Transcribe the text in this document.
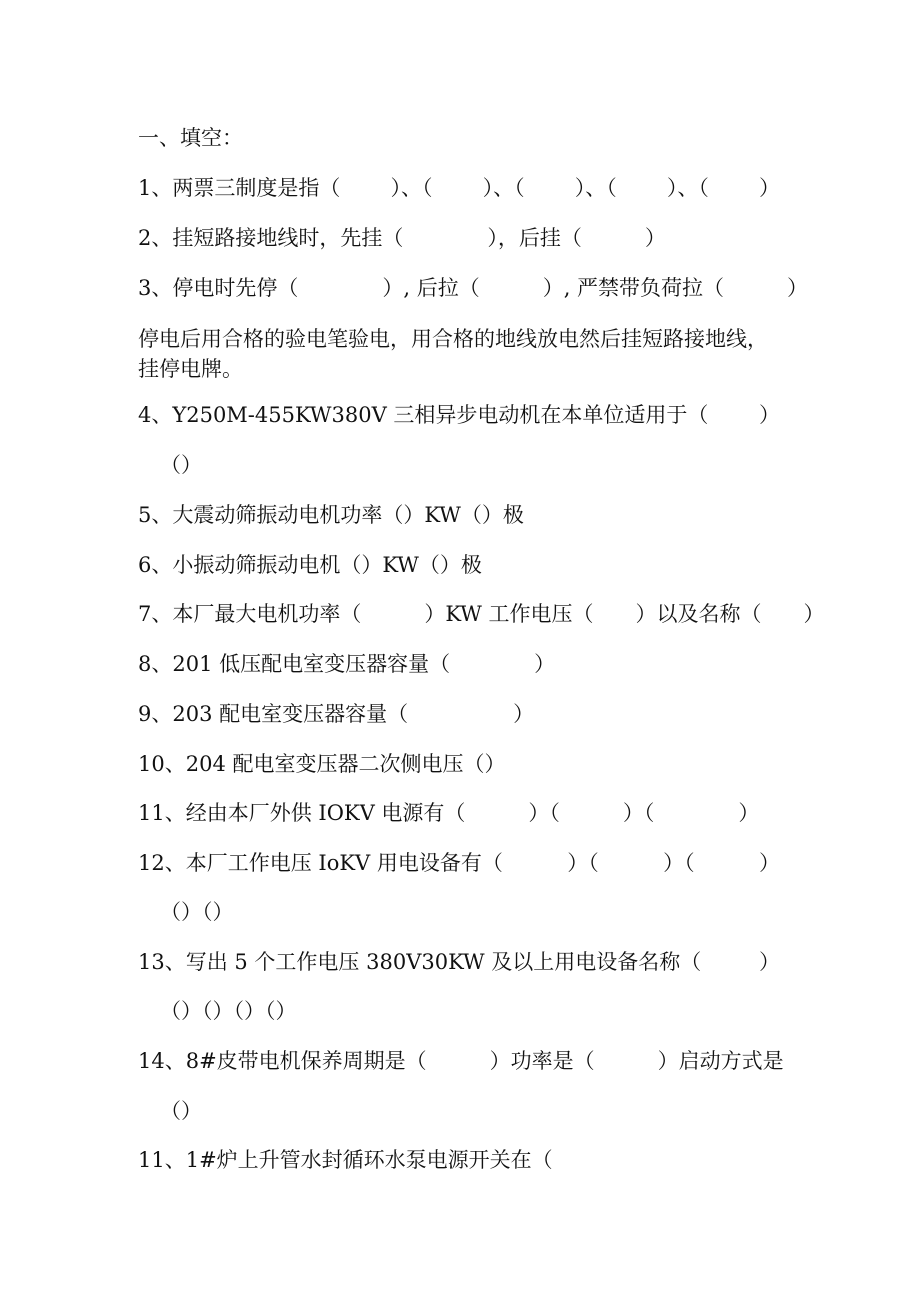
一、填空：
1、两票三制度是指（ ）、（ ）、（ ）、（ ）、（ ）
2、挂短路接地线时，先挂（　　　　），后挂（　　　）
3、停电时先停（　　　　）, 后拉（　　　）, 严禁带负荷拉（　　　）
停电后用合格的验电笔验电，用合格的地线放电然后挂短路接地线，挂停电牌。
4、Y250M-455KW380V 三相异步电动机在本单位适用于（ ）
（）
5、大震动筛振动电机功率（）KW（）极
6、小振动筛振动电机（）KW（）极
7、本厂最大电机功率（　　　）KW 工作电压（　　）以及名称（　　）
8、201 低压配电室变压器容量（　　　　）
9、203 配电室变压器容量（　　　　　）
10、204 配电室变压器二次侧电压（）
11、经由本厂外供 IOKV 电源有（　　　）（　　　）（　　　　）
12、本厂工作电压 IoKV 用电设备有（	）（	）（	）
（）（）
13、写出 5 个工作电压 380V30KW 及以上用电设备名称（	）
（）（）（）（）
14、8#皮带电机保养周期是（　　　）功率是（　　　）启动方式是
（）
11、1#炉上升管水封循环水泵电源开关在（
